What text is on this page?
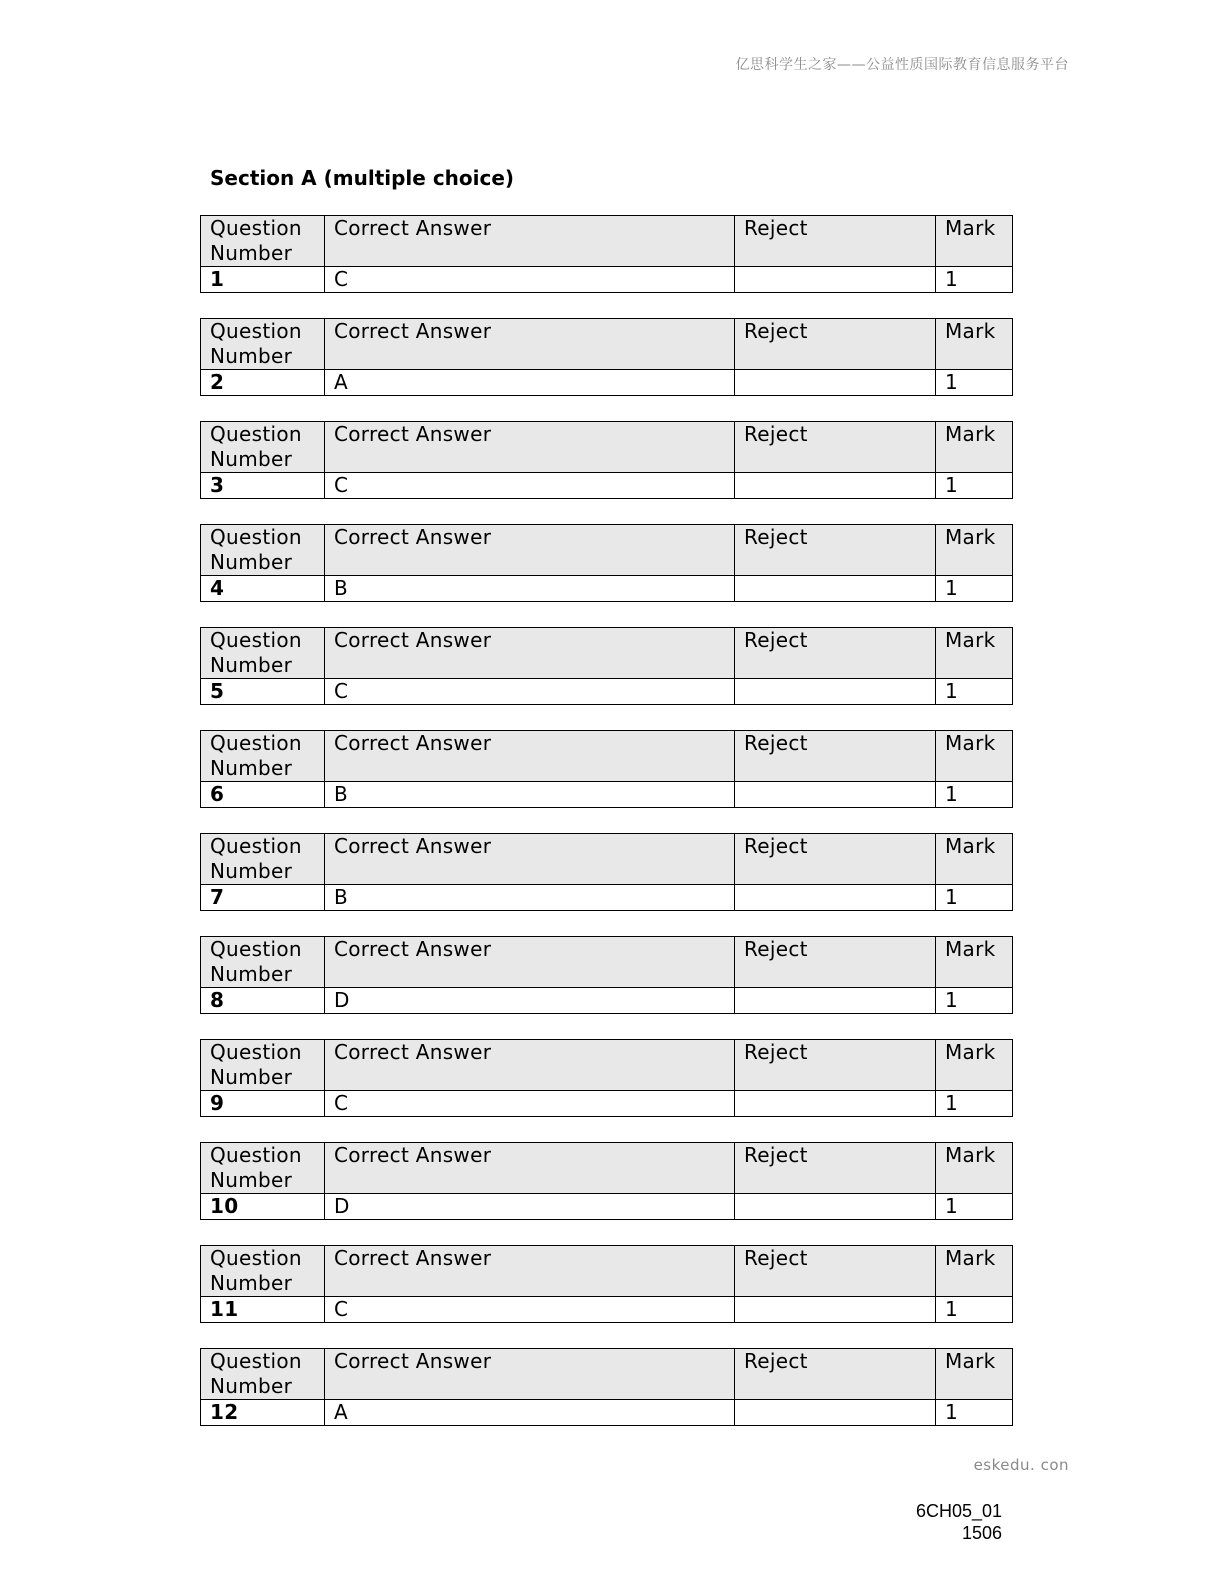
亿思科学生之家——公益性质国际教育信息服务平台
Section A (multiple choice)
Question Number	Correct Answer	Reject	Mark
1	C		1
Question Number	Correct Answer	Reject	Mark
2	A		1
Question Number	Correct Answer	Reject	Mark
3	C		1
Question Number	Correct Answer	Reject	Mark
4	B		1
Question Number	Correct Answer	Reject	Mark
5	C		1
Question Number	Correct Answer	Reject	Mark
6	B		1
Question Number	Correct Answer	Reject	Mark
7	B		1
Question Number	Correct Answer	Reject	Mark
8	D		1
Question Number	Correct Answer	Reject	Mark
9	C		1
Question Number	Correct Answer	Reject	Mark
10	D		1
Question Number	Correct Answer	Reject	Mark
11	C		1
Question Number	Correct Answer	Reject	Mark
12	A		1
eskedu. con
6CH05_01
1506
